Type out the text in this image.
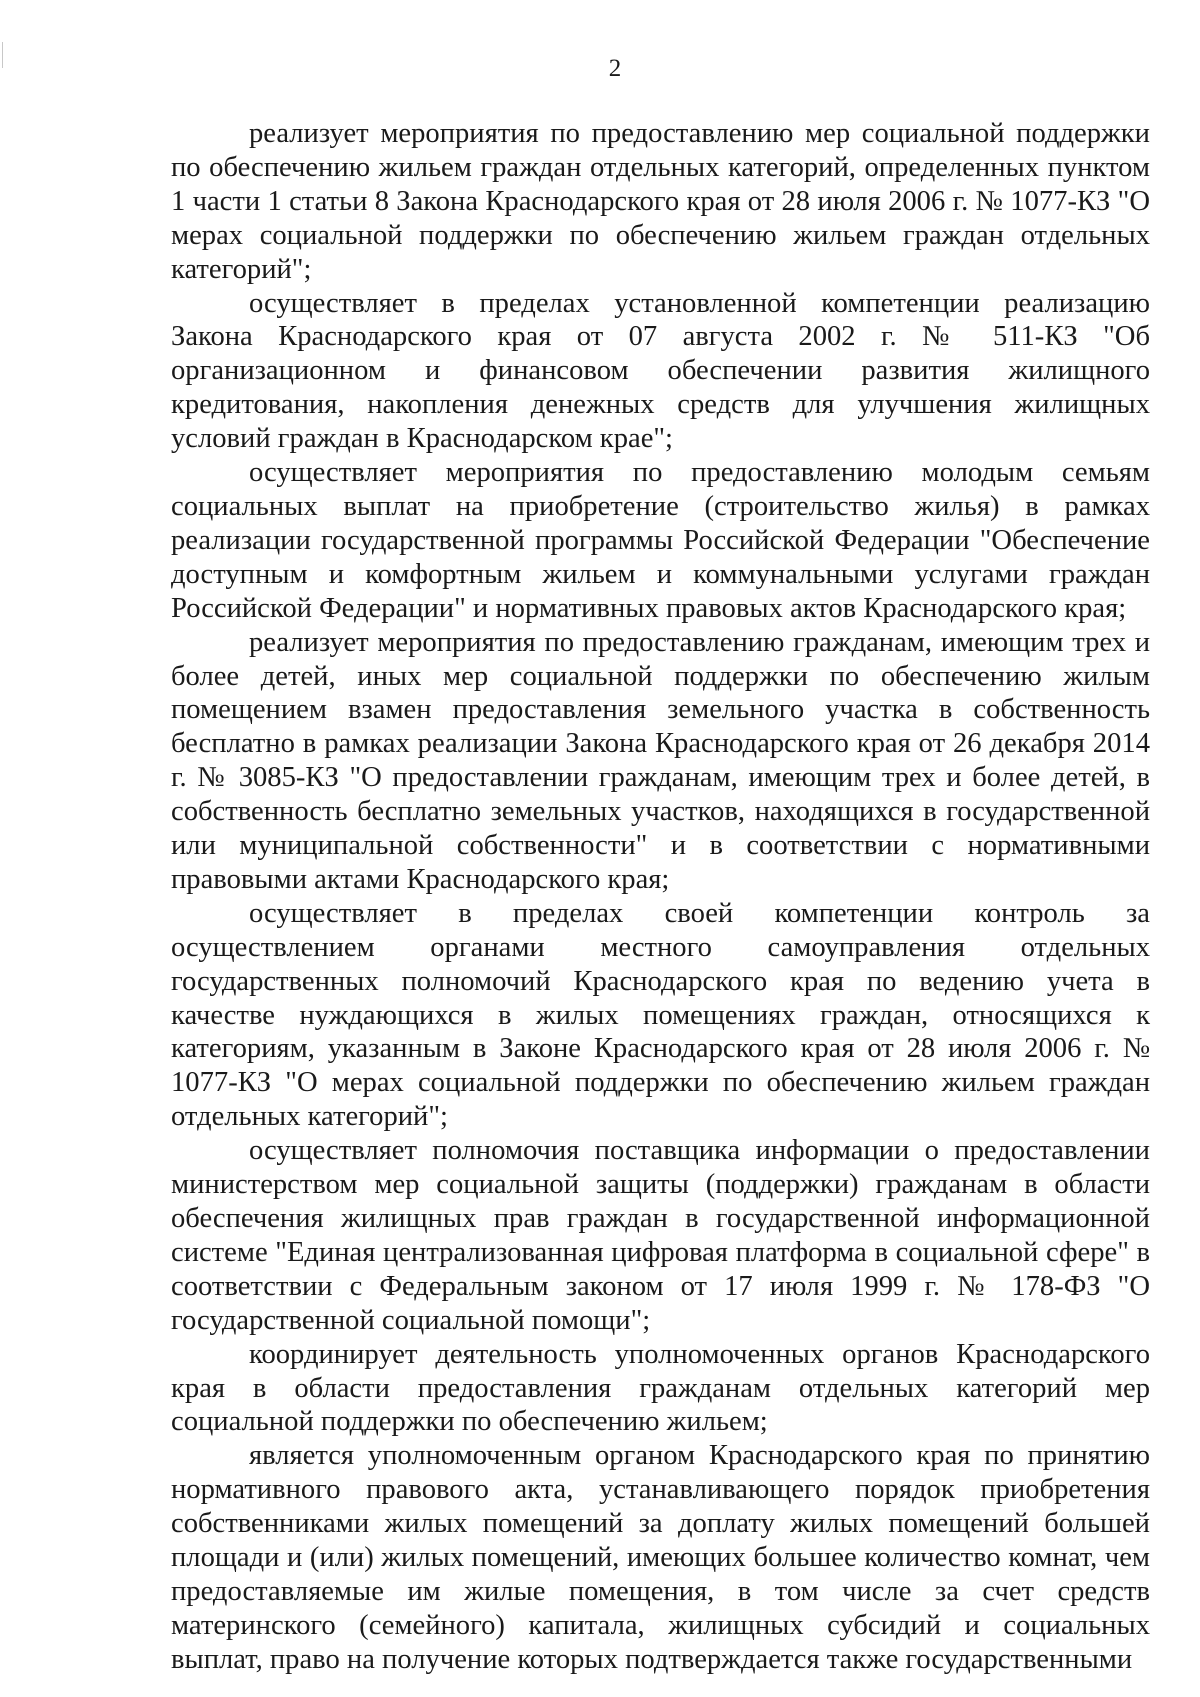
2

реализует мероприятия по предоставлению мер социальной поддержки по обеспечению жильем граждан отдельных категорий, определенных пунктом 1 части 1 статьи 8 Закона Краснодарского края от 28 июля 2006 г. № 1077-КЗ "О мерах социальной поддержки по обеспечению жильем граждан отдельных категорий";

осуществляет в пределах установленной компетенции реализацию Закона Краснодарского края от 07 августа 2002 г. № 511-КЗ "Об организационном и финансовом обеспечении развития жилищного кредитования, накопления денежных средств для улучшения жилищных условий граждан в Краснодарском крае";

осуществляет мероприятия по предоставлению молодым семьям социальных выплат на приобретение (строительство жилья) в рамках реализации государственной программы Российской Федерации "Обеспечение доступным и комфортным жильем и коммунальными услугами граждан Российской Федерации" и нормативных правовых актов Краснодарского края;

реализует мероприятия по предоставлению гражданам, имеющим трех и более детей, иных мер социальной поддержки по обеспечению жилым помещением взамен предоставления земельного участка в собственность бесплатно в рамках реализации Закона Краснодарского края от 26 декабря 2014 г. № 3085-КЗ "О предоставлении гражданам, имеющим трех и более детей, в собственность бесплатно земельных участков, находящихся в государственной или муниципальной собственности" и в соответствии с нормативными правовыми актами Краснодарского края;

осуществляет в пределах своей компетенции контроль за осуществлением органами местного самоуправления отдельных государственных полномочий Краснодарского края по ведению учета в качестве нуждающихся в жилых помещениях граждан, относящихся к категориям, указанным в Законе Краснодарского края от 28 июля 2006 г. № 1077-КЗ "О мерах социальной поддержки по обеспечению жильем граждан отдельных категорий";

осуществляет полномочия поставщика информации о предоставлении министерством мер социальной защиты (поддержки) гражданам в области обеспечения жилищных прав граждан в государственной информационной системе "Единая централизованная цифровая платформа в социальной сфере" в соответствии с Федеральным законом от 17 июля 1999 г. № 178-ФЗ "О государственной социальной помощи";

координирует деятельность уполномоченных органов Краснодарского края в области предоставления гражданам отдельных категорий мер социальной поддержки по обеспечению жильем;

является уполномоченным органом Краснодарского края по принятию нормативного правового акта, устанавливающего порядок приобретения собственниками жилых помещений за доплату жилых помещений большей площади и (или) жилых помещений, имеющих большее количество комнат, чем предоставляемые им жилые помещения, в том числе за счет средств материнского (семейного) капитала, жилищных субсидий и социальных выплат, право на получение которых подтверждается также государственными
